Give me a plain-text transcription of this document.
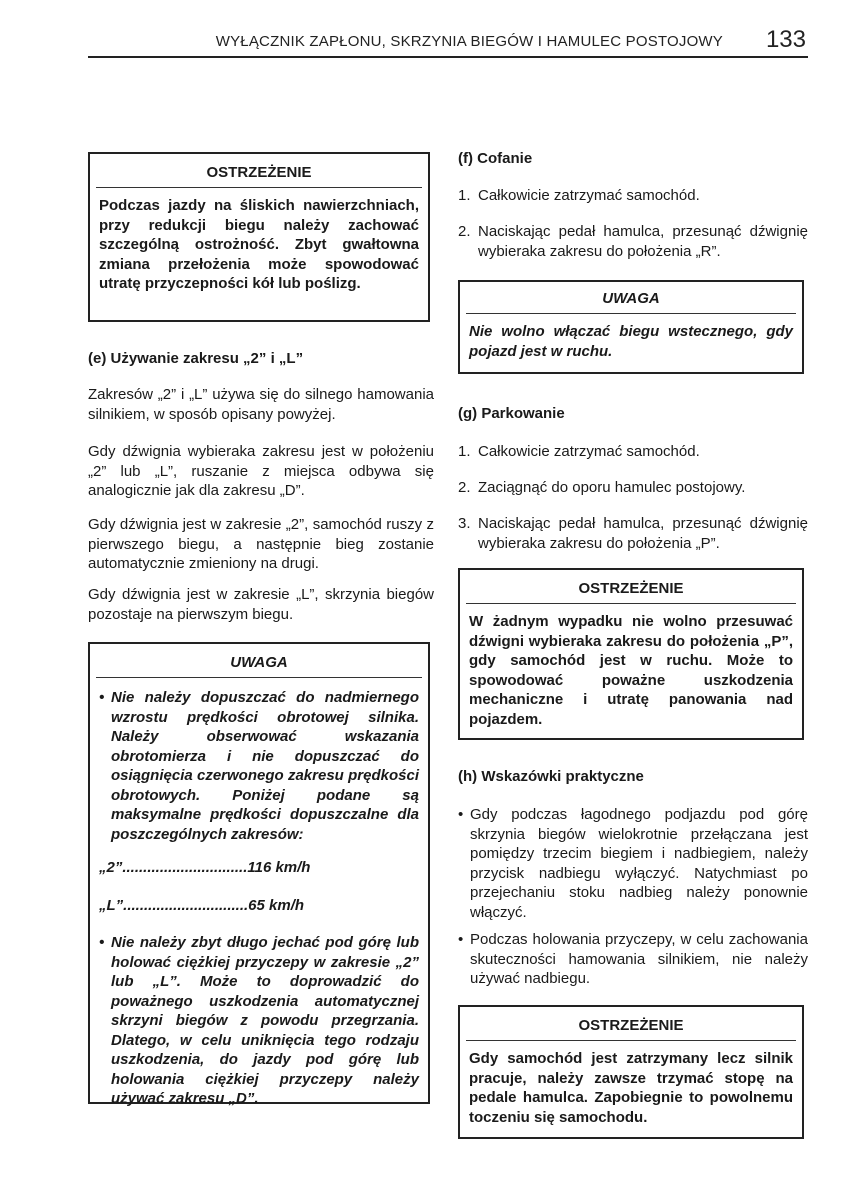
WYŁĄCZNIK ZAPŁONU, SKRZYNIA BIEGÓW I HAMULEC POSTOJOWY 133
OSTRZEŻENIE

Podczas jazdy na śliskich nawierzchniach, przy redukcji biegu należy zachować szczególną ostrożność. Zbyt gwałtowna zmiana przełożenia może spowodować utratę przyczepności kół lub poślizg.

(e) Używanie zakresu „2” i „L”
Zakresów „2” i „L” używa się do silnego hamowania silnikiem, w sposób opisany powyżej.
Gdy dźwignia wybieraka zakresu jest w położeniu „2” lub „L”, ruszanie z miejsca odbywa się analogicznie jak dla zakresu „D”.
Gdy dźwignia jest w zakresie „2”, samochód ruszy z pierwszego biegu, a następnie bieg zostanie automatycznie zmieniony na drugi.
Gdy dźwignia jest w zakresie „L”, skrzynia biegów pozostaje na pierwszym biegu.
UWAGA
• Nie należy dopuszczać do nadmiernego wzrostu prędkości obrotowej silnika. Należy obserwować wskazania obrotomierza i nie dopuszczać do osiągnięcia czerwonego zakresu prędkości obrotowych. Poniżej podane są maksymalne prędkości dopuszczalne dla poszczególnych zakresów:

„2”..............................116 km/h

„L”..............................65 km/h

• Nie należy zbyt długo jechać pod górę lub holować ciężkiej przyczepy w zakresie „2” lub „L”. Może to doprowadzić do poważnego uszkodzenia automatycznej skrzyni biegów z powodu przegrzania. Dlatego, w celu uniknięcia tego rodzaju uszkodzenia, do jazdy pod górę lub holowania ciężkiej przyczepy należy używać zakresu „D”.
(f) Cofanie
1. Całkowicie zatrzymać samochód.
2. Naciskając pedał hamulca, przesunąć dźwignię wybieraka zakresu do położenia „R”.
UWAGA

Nie wolno włączać biegu wstecznego, gdy pojazd jest w ruchu.

(g) Parkowanie
1. Całkowicie zatrzymać samochód.
2. Zaciągnąć do oporu hamulec postojowy.
3. Naciskając pedał hamulca, przesunąć dźwignię wybieraka zakresu do położenia „P”.
OSTRZEŻENIE

W żadnym wypadku nie wolno przesuwać dźwigni wybieraka zakresu do położenia „P”, gdy samochód jest w ruchu. Może to spowodować poważne uszkodzenia mechaniczne i utratę panowania nad pojazdem.

(h) Wskazówki praktyczne
• Gdy podczas łagodnego podjazdu pod górę skrzynia biegów wielokrotnie przełączana jest pomiędzy trzecim biegiem i nadbiegiem, należy przycisk nadbiegu wyłączyć. Natychmiast po przejechaniu stoku nadbieg należy ponownie włączyć.
• Podczas holowania przyczepy, w celu zachowania skuteczności hamowania silnikiem, nie należy używać nadbiegu.
OSTRZEŻENIE

Gdy samochód jest zatrzymany lecz silnik pracuje, należy zawsze trzymać stopę na pedale hamulca. Zapobiegnie to powolnemu toczeniu się samochodu.
